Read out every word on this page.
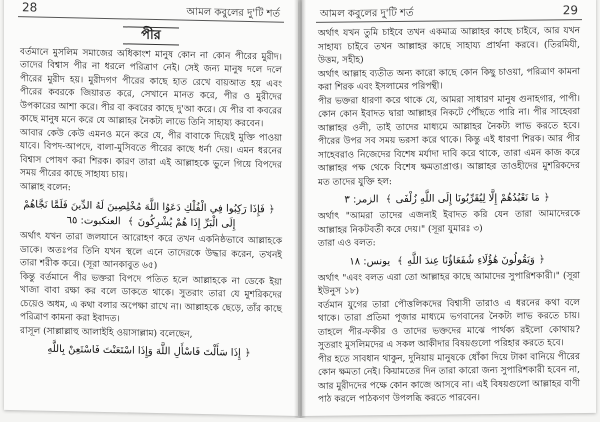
28	আমল কবুলের দু'টি শর্ত
পীর

বর্তমানে মুসলিম সমাজের অধিকাংশ মানুষ কোন না কোন পীরের মুরীদ। তাদের বিশ্বাস পীর না ধরলে পরিত্রাণ নেই। সেই জন্য মানুষ দলে দলে পীরের মুরীদ হয়। মুরীদগণ পীরের কাছে হাত রেখে বায়আত হয় এবং পীরের কবরকে জিয়ারত করে, সেখানে মানত করে, পীর ও মুরীদের উপকারের আশা করে। পীর বা কবরের কাছে দু'আ করে। যে পীর বা কবরের কাছে মানুষ মনে করে যে আল্লাহর নৈকট্য লাভে তিনি সাহায্য করবেন।

আবার কেউ কেউ এমনও মনে করে যে, পীর বাবাকে দিয়েই মুক্তি পাওয়া যাবে। বিপদ-আপদে, বালা-মুসিবতে পীরের কাছে ধর্না দেয়। এমন ধরনের বিশ্বাস পোষণ করা শিরক। কারণ তারা এই আল্লাহকে ভুলে গিয়ে বিপদের সময় পীরের কাছে সাহায্য চায়।

আল্লাহ বলেন:

﴿فَإِذَا رَكِبُوا فِي الْفُلْكِ دَعَوُا اللَّهَ مُخْلِصِينَ لَهُ الدِّينَ فَلَمَّا نَجَّاهُمْ إِلَى الْبَرِّ إِذَا هُمْ يُشْرِكُونَ﴾ العنكبوت: ٦٥

অর্থাৎ যখন তারা জলযানে আরোহণ করে তখন একনিষ্ঠভাবে আল্লাহকে ডাকে। অতঃপর তিনি যখন স্থলে এনে তাদেরকে উদ্ধার করেন, তখনই তারা শরীক করে। (সূরা আনকাবুত ৬৫)

কিন্তু বর্তমানে পীর ভক্তরা বিপদে পতিত হলে আল্লাহকে না ডেকে ইয়া খাজা বাবা রক্ষা কর বলে ডাকতে থাকে। সুতরাং তারা যে মুশরিকদের চেয়েও অধম, এ কথা বলার অপেক্ষা রাখে না। আল্লাহকে ছেড়ে, তাঁর কাছে পরিত্রাণ কামনা করা ইবাদত।

রাসূল (সাল্লাল্লাহু আলাইহি ওয়াসাল্লাম) বলেছেন,

﴿إِذَا سَأَلْتَ فَاسْأَلِ اللَّهَ وَإِذَا اسْتَعَنْتَ فَاسْتَعِنْ بِاللَّهِ
আমল কবুলের দু'টি শর্ত	29

অর্থাৎ যখন তুমি চাইবে তখন একমাত্র আল্লাহর কাছে চাইবে, আর যখন সাহায্য চাইবে তখন আল্লাহর কাছে সাহায্য প্রার্থনা করবে। (তিরমিযী, উত্তম, সহীহ)

অর্থাৎ আল্লাহ ব্যতীত অন্য কারো কাছে কোন কিছু চাওয়া, পরিত্রাণ কামনা করা শিরক এবং ইসলামের পরিপন্থী।

পীর ভক্তরা ধারণা করে থাকে যে, আমরা সাধারণ মানুষ গুনাহগার, পাপী। কোন কোন ইবাদত দ্বারা আল্লাহর নিকটে পৌঁছতে পারি না। পীর সাহেবরা আল্লাহর ওলী, তাই তাদের মাধ্যমে আল্লাহর নৈকট্য লাভ করতে হবে। পীরের উপর সব সময় ভরসা করে থাকে। কিন্তু এই ধারণা শিরক। আর পীর সাহেবরাও নিজেদের বিশেষ মর্যাদা দাবি করে থাকে, তারা এমন কাজ করে আল্লাহর পক্ষ থেকে বিশেষ ক্ষমতাপ্রাপ্ত। আল্লাহর তাওহীদের মুশরিকদের মত তাদের যুক্তি হল:

﴿مَا نَعْبُدُهُمْ إِلَّا لِيُقَرِّبُونَا إِلَى اللَّهِ زُلْفَى﴾ الزمر: ٣

অর্থাৎ "আমরা তাদের এজন্যই ইবাদত করি যেন তারা আমাদেরকে আল্লাহর নিকটবর্তী করে দেয়।" (সূরা যুমারঃ ৩)

তারা এও বলত:

﴿وَيَقُولُونَ هَٰؤُلَاءِ شُفَعَاؤُنَا عِندَ اللَّهِ﴾ يونس: ١٨

অর্থাৎ "এবং বলত এরা তো আল্লাহর কাছে আমাদের সুপারিশকারী।" (সূরা ইউনুস ১৮)

বর্তমান যুগের তারা পৌত্তলিকদের বিশ্বাসী তারাও এ ধরনের কথা বলে থাকে। তারা প্রতিমা পূজার মাধ্যমে ভগবানের নৈকট্য লাভ করতে চায়। তাহলে পীর-ফকীর ও তাদের ভক্তদের মাঝে পার্থক্য রইলো কোথায়? সুতরাং মুসলিমদের এ সকল আকীদার বিষয়গুলো পরিহার করতে হবে।

পীর হতে সাবধান থাকুন, দুনিয়ায় মানুষকে ধোঁকা দিয়ে টাকা বানিয়ে পীরের কোন ক্ষমতা নেই। কিয়ামতের দিন তারা কারো জন্য সুপারিশকারী হবেন না, আর মুরীদদের পক্ষে কোন কাজে আসবে না। এই বিষয়গুলো আল্লাহর বাণী পাঠ করলে পাঠকগণ উপলব্ধি করতে পারবেন।
